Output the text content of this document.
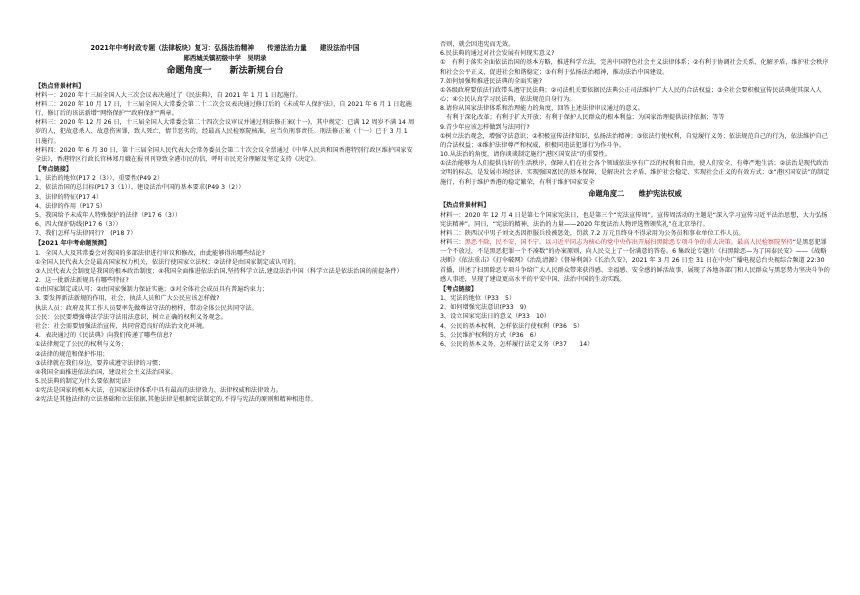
2021年中考时政专题（法律板块）复习：弘扬法治精神　　传递法治力量　　建设法治中国

郧西城关镇初级中学　吴明录

命题角度一　　新法新规台台

【热点背景材料】

材料一：2020 年十三届全国人大三次会议表决通过了《民法典》，自 2021 年 1 月 1 日起施行。

材料二：2020 年 10 月 17 日，十三届全国人大常委会第二十二次会议表决通过修订后的《未成年人保护法》，自 2021 年 6 月 1 日起施行，修订后的该法新增“网络保护”“政府保护”两章。

材料三：2020 年 12 月 26 日，十三届全国人大常委会第二十四次会议审议并通过刑法修正案(十一)，其中规定：已满 12 周岁不满 14 周岁的人，犯故意杀人、故意伤害罪，致人死亡，情节恶劣的，经最高人民检察院核准，应当负刑事责任。刑法修正案（十一）已于 3 月 1 日施行。

材料四：2020 年 6 月 30 日，第十三届全国人民代表大会常务委员会第二十次会议全票通过《中华人民共和国香港特别行政区维护国家安全法》，香港特区行政长官林郑月娥在报刊刊登致全港市民的信，呼吁市民充分理解及坚定支持《决定》。

【考点链接】

1、法治的地位(P17 2（3））、重要性(P49 2）

2、依法治国的总目标(P17 3（1））、建设法治中国的基本要求(P49 3（2））

3、法律的特征(P17 4）

4、法律的作用（P17 5）

5、我国给予未成年人特殊保护的法律（P17 6（3））

6、四大保护防线(P17 6（3））

7、我们怎样与法律同行?　(P18 7）

【2021 年中考命题预测】

1．全国人大及其常委会对我国的多部法律进行审议和修改，由此能够得出哪些结论?

①全国人民代表大会是最高国家权力机关，依法行使国家立法权；②法律是由国家制定或认可的。

③人民代表大会制度是我国的根本政治制度；④我国全面推进依法治国,坚持科学立法,建设法治中国（科学立法是依法治国的前提条件）

2．这一批新法新规具有哪些特征?

①由国家制定或认可；②由国家强制力保证实施；③对全体社会成员具有普遍约束力；

3. 要发挥新法新规的作用，社会、执法人员和广大公民应该怎样做?

执法人员：政府及其工作人员要率先做尊法守法的榜样，带动全体公民共同守法。

公民：公民要增强尊法学法守法用法意识，树立正确的权利义务观念。

社会：社会需要加强法治宣传，共同营造良好的法治文化环境。

4．表决通过的《民法典》向我们传递了哪些信息?

①法律规定了公民的权利与义务；

②法律的规范和保护作用；

③法律就在我们身边，要养成遵守法律的习惯；

④我国全面推进依法治国，建设社会主义法治国家。

5.民法典的制定为什么要依据宪法?

①宪法是国家的根本大法，在国家法律体系中具有最高的法律效力、法律权威和法律效力。

②宪法是其他法律的立法基础和立法依据,其他法律是根据宪法制定的,不得与宪法的原则和精神相违背。

否则，就会因违宪而无效。

6.民法典的通过对社会发展有何现实意义?

①　有利于落实全面依法治国的基本方略，推进科学立法，完善中国特色社会主义法律体系；②有利于协调社会关系，化解矛盾，维护社会秩序和社会公平正义，促进社会和谐稳定；③有利于弘扬法治精神，推动法治中国建设。

7.如何加强和推进民法典的全面实施?

①各级政府要依法行政带头遵守民法典；②司法机关要依据民法典公正司法维护广大人民的合法权益；③全社会要积极宣传民法典使其深入人心；④公民认真学习民法典，依法规范自身行为。

8.请你从国家法律体系和治理能力的角度，回答上述法律审议通过的意义。

　有利于深化改革；有利于扩大开放；有利于保护人民群众的根本利益；为国家治理提供法律依据；等等

9.青少年应该怎样做到与法同行?

①树立法治观念，增强守法意识；②积极宣传法律知识，弘扬法治精神；③依法行使权利，自觉履行义务；依法规范自己的行为，依法维护自己的合法权益；④维护法律尊严和权威，积极同违法犯罪行为作斗争。

10.从法治的角度，请你谈谈制定施行“港区国安法”的重要性。

①法治能够为人们提供良好的生活秩序，保障人们在社会各个领域依法享有广泛的权利和自由，使人们安全、有尊严地生活；②法治是现代政治文明的标志，是发展市场经济、实现强国富民的基本保障，是解决社会矛盾、维护社会稳定、实现社会正义的有效方式；③“港区国安法”的制定施行，有利于维护香港的稳定繁荣，有利于维护国家安全

命题角度二　　维护宪法权威

【热点背景材料】

材料一：2020 年 12 月 4 日是第七个国家宪法日，也是第三个“宪法宣传周”。宣传周活动的主题是“深入学习宣传习近平法治思想，大力弘扬宪法精神”。同日，“宪法的精神，法治的力量——2020 年度法治人物评选暨颁奖礼”在北京举行。

材料二：陕西汉中男子刘文杰因拒服兵役被惩处，罚款 7.2 万元且终身不得录用为公务员和事业单位工作人员。

材料三：黑恶不除，民不安，国不宁。以习近平同志为核心的党中央作出开展扫黑除恶专项斗争的重大决策。最高人民检察院坚持“是黑恶犯罪一个不放过，不是黑恶犯罪一个不凑数”的办案原则，向人民交上了一份满意的答卷。6 集政论专题片《扫黑除恶—为了国泰民安》——《战略决断》《依法重击》《打伞破网》《治乱清源》《督导利剑》《长治久安》，2021 年 3 月 26 日至 31 日在中央广播电视总台央视综合频道 22:30 首播，讲述了扫黑除恶专项斗争给广大人民群众带来获得感、幸福感、安全感的鲜活故事，展现了各地各部门和人民群众与黑恶势力坚决斗争的感人事迹，呈现了建设更高水平的平安中国、法治中国的生动实践。

【考点链接】

1、宪法的地位（P33　5）

2、如何增强宪法意识(P33　9)

3、设立国家宪法日的意义（P33　10）

4、公民的基本权利、怎样依法行使权利（P36　5）

5、公民维护权利的方式（P36　6）

6、公民的基本义务、怎样履行法定义务（P37　　14）
